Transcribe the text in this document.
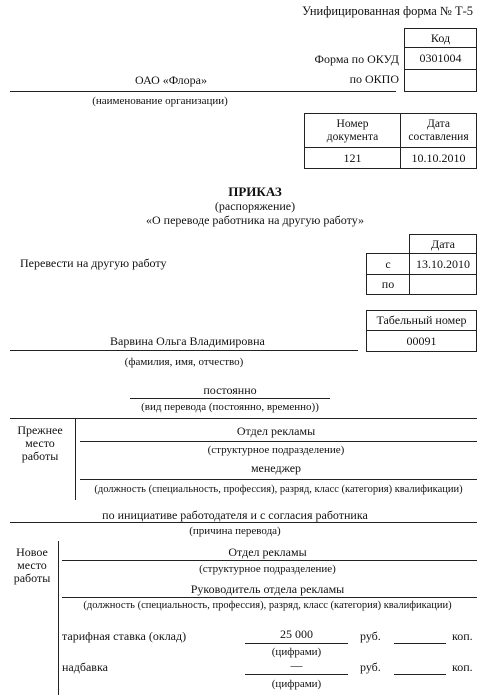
Унифицированная форма № Т-5
Код
Форма по ОКУД	0301004
по ОКПО
ОАО «Флора»
(наименование организации)
Номер документа
Дата составления
121	10.10.2010
ПРИКАЗ
(распоряжение)
«О переводе работника на другую работу»
Дата
Перевести на другую работу	с	13.10.2010
по
Табельный номер
00091
Варвина Ольга Владимировна
(фамилия, имя, отчество)
постоянно
(вид перевода (постоянно, временно))
Прежнее
место
работы
Отдел рекламы
(структурное подразделение)
менеджер
(должность (специальность, профессия), разряд, класс (категория) квалификации)
по инициативе работодателя и с согласия работника
(причина перевода)
Новое
место
работы
Отдел рекламы
(структурное подразделение)
Руководитель отдела рекламы
(должность (специальность, профессия), разряд, класс (категория) квалификации)
тарифная ставка (оклад)	25 000
(цифрами)
руб.	коп.
надбавка	—
(цифрами)
руб.	коп.
